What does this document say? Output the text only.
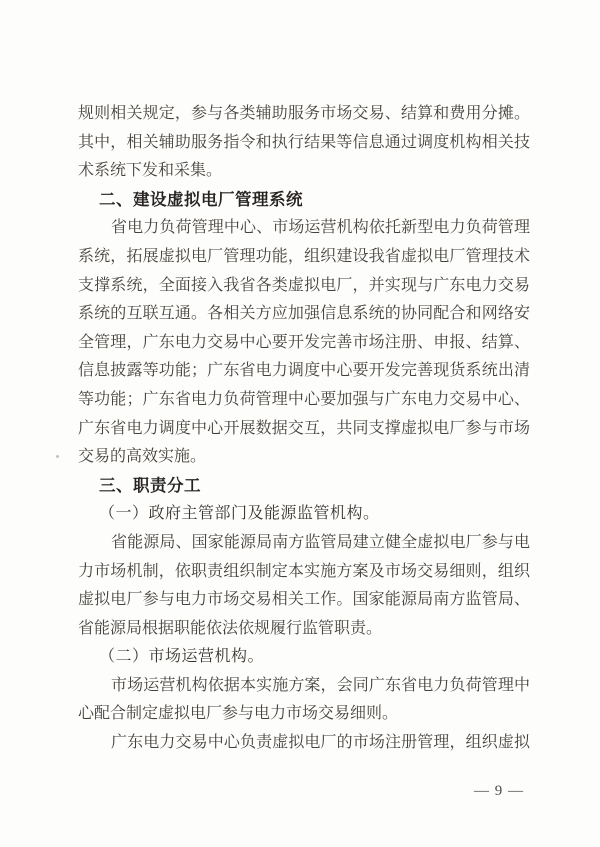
规则相关规定，参与各类辅助服务市场交易、结算和费用分摊。
其中，相关辅助服务指令和执行结果等信息通过调度机构相关技
术系统下发和采集。
二、建设虚拟电厂管理系统
省电力负荷管理中心、市场运营机构依托新型电力负荷管理
系统，拓展虚拟电厂管理功能，组织建设我省虚拟电厂管理技术
支撑系统，全面接入我省各类虚拟电厂，并实现与广东电力交易
系统的互联互通。各相关方应加强信息系统的协同配合和网络安
全管理，广东电力交易中心要开发完善市场注册、申报、结算、
信息披露等功能；广东省电力调度中心要开发完善现货系统出清
等功能；广东省电力负荷管理中心要加强与广东电力交易中心、
广东省电力调度中心开展数据交互，共同支撑虚拟电厂参与市场
交易的高效实施。
三、职责分工
（一）政府主管部门及能源监管机构。
省能源局、国家能源局南方监管局建立健全虚拟电厂参与电
力市场机制，依职责组织制定本实施方案及市场交易细则，组织
虚拟电厂参与电力市场交易相关工作。国家能源局南方监管局、
省能源局根据职能依法依规履行监管职责。
（二）市场运营机构。
市场运营机构依据本实施方案，会同广东省电力负荷管理中
心配合制定虚拟电厂参与电力市场交易细则。
广东电力交易中心负责虚拟电厂的市场注册管理，组织虚拟
— 9 —
